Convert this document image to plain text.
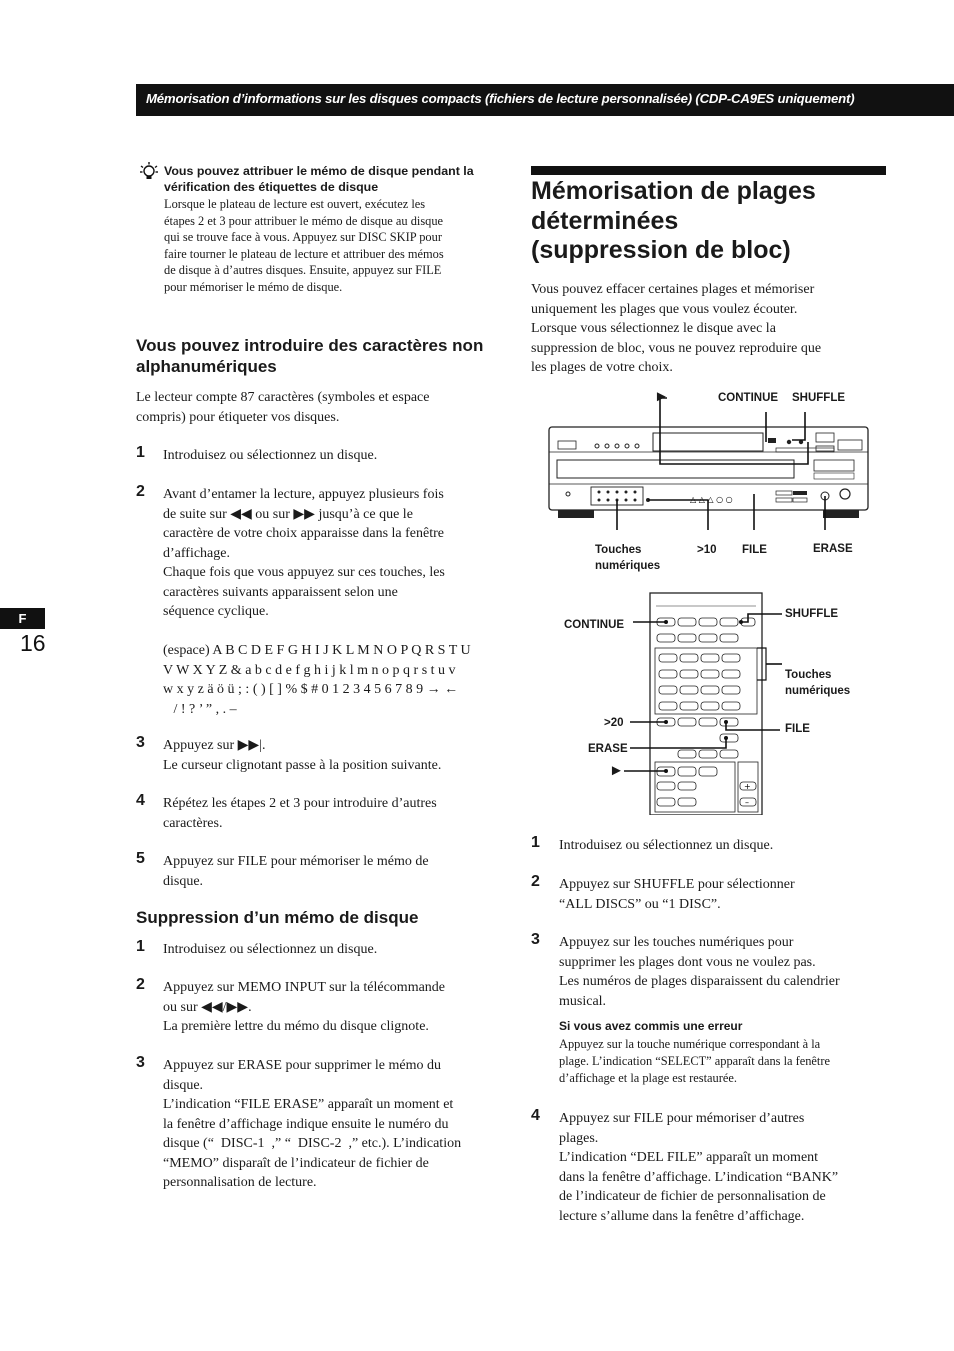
Mémorisation d’informations sur les disques compacts (fichiers de lecture personnalisée) (CDP-CA9ES uniquement)
F
16
Vous pouvez attribuer le mémo de disque pendant la
vérification des étiquettes de disque
Lorsque le plateau de lecture est ouvert, exécutez les
étapes 2 et 3 pour attribuer le mémo de disque au disque
qui se trouve face à vous. Appuyez sur DISC SKIP pour
faire tourner le plateau de lecture et attribuer des mémos
de disque à d’autres disques. Ensuite, appuyez sur FILE
pour mémoriser le mémo de disque.
Vous pouvez introduire des caractères non
alphanumériques
Le lecteur compte 87 caractères (symboles et espace
compris) pour étiqueter vos disques.
1 Introduisez ou sélectionnez un disque.
2 Avant d’entamer la lecture, appuyez plusieurs fois
de suite sur ◀◀ ou sur ▶▶ jusqu’à ce que le
caractère de votre choix apparaisse dans la fenêtre
d’affichage.
Chaque fois que vous appuyez sur ces touches, les
caractères suivants apparaissent selon une
séquence cyclique.
(espace) A B C D E F G H I J K L M N O P Q R S T U
V W X Y Z & a b c d e f g h i j k l m n o p q r s t u v
w x y z ä ö ü ; : ( ) [ ] % $ # 0 1 2 3 4 5 6 7 8 9 → ←
/ ! ? ’ ” , . –
3 Appuyez sur ▶▶|.
Le curseur clignotant passe à la position suivante.
4 Répétez les étapes 2 et 3 pour introduire d’autres
caractères.
5 Appuyez sur FILE pour mémoriser le mémo de
disque.
Suppression d’un mémo de disque
1 Introduisez ou sélectionnez un disque.
2 Appuyez sur MEMO INPUT sur la télécommande
ou sur ◀◀/▶▶.
La première lettre du mémo du disque clignote.
3 Appuyez sur ERASE pour supprimer le mémo du
disque.
L’indication “FILE ERASE” apparaît un moment et
la fenêtre d’affichage indique ensuite le numéro du
disque (“  DISC-1  ,” “  DISC-2  ,” etc.). L’indication
“MEMO” disparaît de l’indicateur de fichier de
personnalisation de lecture.
Mémorisation de plages
déterminées
(suppression de bloc)
Vous pouvez effacer certaines plages et mémoriser
uniquement les plages que vous voulez écouter.
Lorsque vous sélectionnez le disque avec la
suppression de bloc, vous ne pouvez reproduire que
les plages de votre choix.
△ △ △ ○ ○
►	CONTINUE SHUFFLE
Touches
numériques
>10 FILE	ERASE
+
–
CONTINUE
SHUFFLE
Touches
numériques
>20	FILE
ERASE
►
1 Introduisez ou sélectionnez un disque.
2 Appuyez sur SHUFFLE pour sélectionner
“ALL DISCS” ou “1 DISC”.
3 Appuyez sur les touches numériques pour
supprimer les plages dont vous ne voulez pas.
Les numéros de plages disparaissent du calendrier
musical.
Si vous avez commis une erreur
Appuyez sur la touche numérique correspondant à la
plage. L’indication “SELECT” apparaît dans la fenêtre
d’affichage et la plage est restaurée.
4 Appuyez sur FILE pour mémoriser d’autres
plages.
L’indication “DEL FILE” apparaît un moment
dans la fenêtre d’affichage. L’indication “BANK”
de l’indicateur de fichier de personnalisation de
lecture s’allume dans la fenêtre d’affichage.
